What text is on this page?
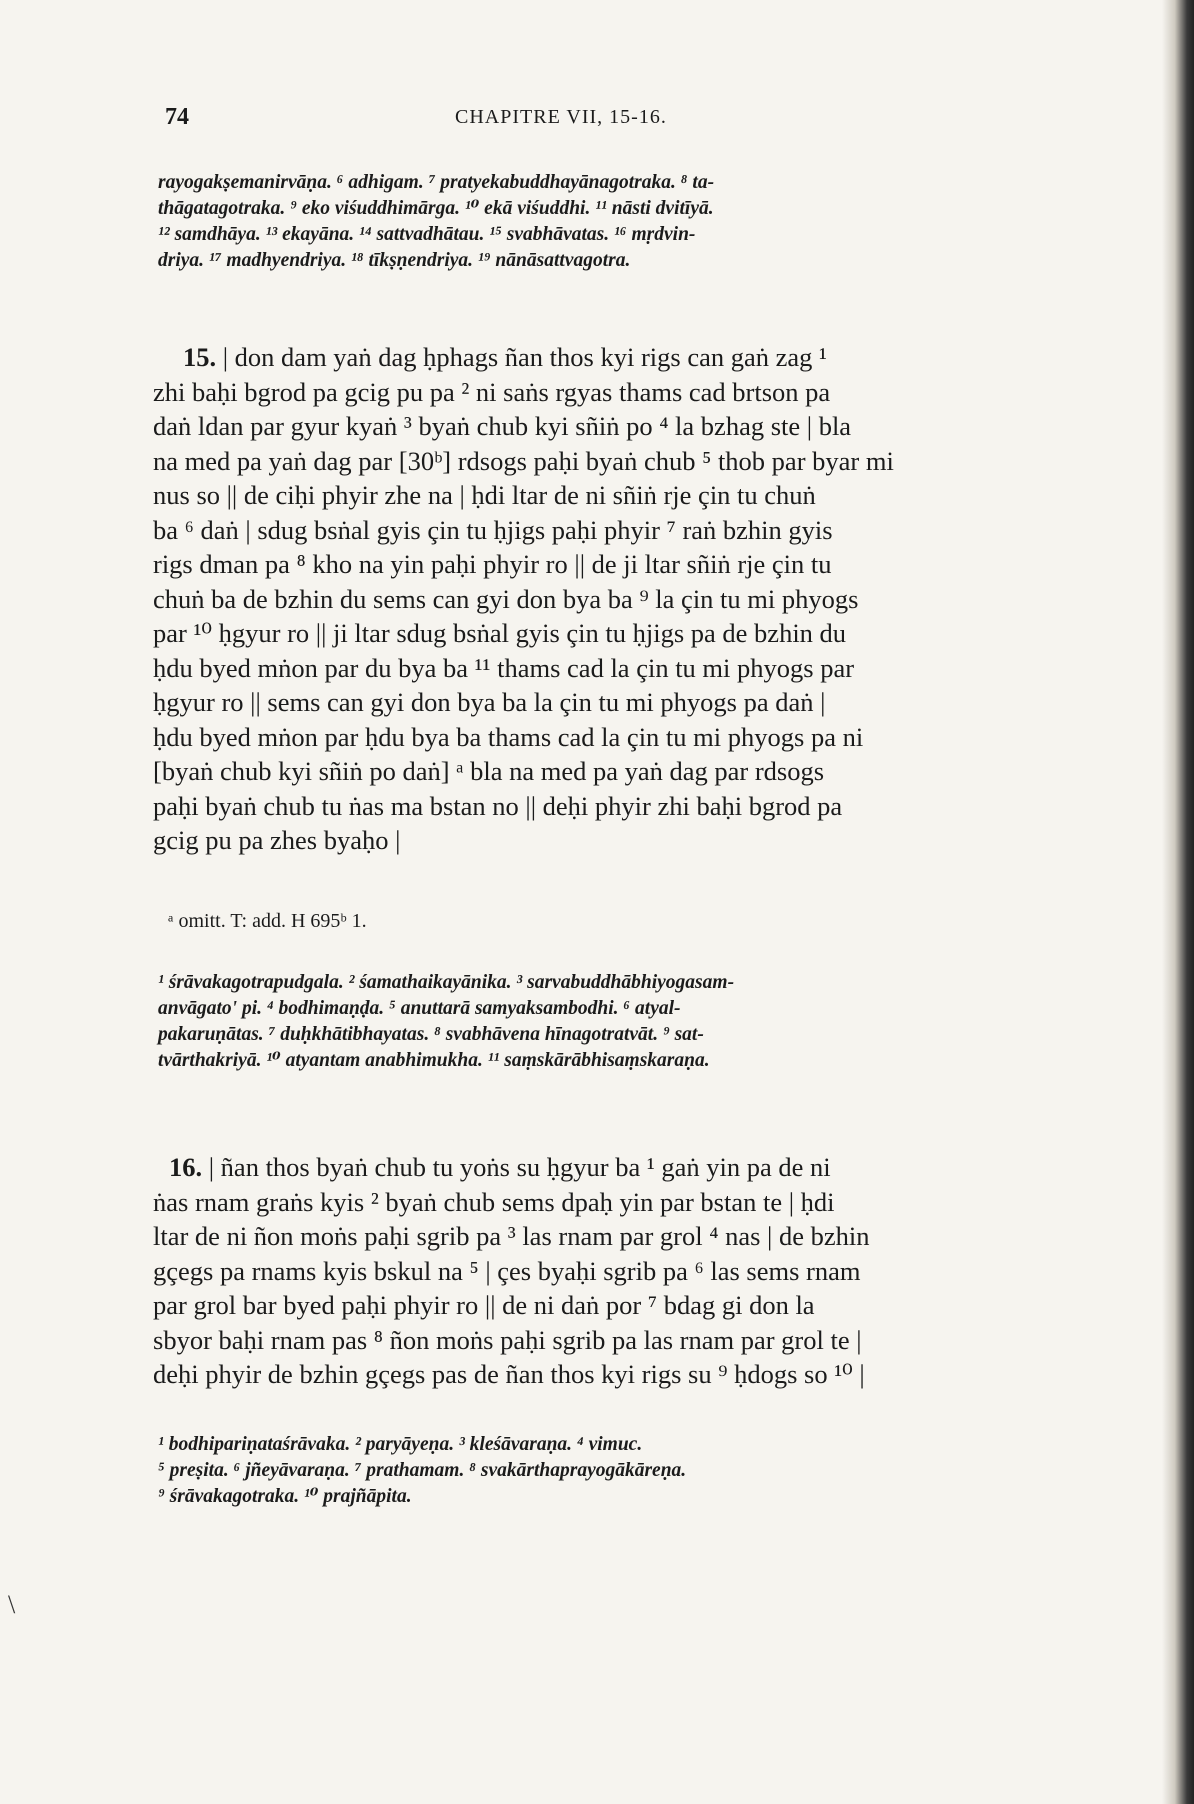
74	CHAPITRE VII, 15-16.
rayogakṣemanirvāṇa. ⁶ adhigam. ⁷ pratyekabuddhayānagotraka. ⁸ ta-
thāgatagotraka. ⁹ eko viśuddhimārga. ¹⁰ ekā viśuddhi. ¹¹ nāsti dvitīyā.
¹² samdhāya. ¹³ ekayāna. ¹⁴ sattvadhātau. ¹⁵ svabhāvatas. ¹⁶ mṛdvin-
driya. ¹⁷ madhyendriya. ¹⁸ tīkṣṇendriya. ¹⁹ nānāsattvagotra.
15. | don dam yaṅ dag ḥphags ñan thos kyi rigs can gaṅ zag ¹
zhi baḥi bgrod pa gcig pu pa ² ni saṅs rgyas thams cad brtson pa
daṅ ldan par gyur kyaṅ ³ byaṅ chub kyi sñiṅ po ⁴ la bzhag ste | bla
na med pa yaṅ dag par [30ᵇ] rdsogs paḥi byaṅ chub ⁵ thob par byar mi
nus so || de ciḥi phyir zhe na | ḥdi ltar de ni sñiṅ rje çin tu chuṅ
ba ⁶ daṅ | sdug bsṅal gyis çin tu ḥjigs paḥi phyir ⁷ raṅ bzhin gyis
rigs dman pa ⁸ kho na yin paḥi phyir ro || de ji ltar sñiṅ rje çin tu
chuṅ ba de bzhin du sems can gyi don bya ba ⁹ la çin tu mi phyogs
par ¹⁰ ḥgyur ro || ji ltar sdug bsṅal gyis çin tu ḥjigs pa de bzhin du
ḥdu byed mṅon par du bya ba ¹¹ thams cad la çin tu mi phyogs par
ḥgyur ro || sems can gyi don bya ba la çin tu mi phyogs pa daṅ |
ḥdu byed mṅon par ḥdu bya ba thams cad la çin tu mi phyogs pa ni
[byaṅ chub kyi sñiṅ po daṅ] ᵃ bla na med pa yaṅ dag par rdsogs
paḥi byaṅ chub tu ṅas ma bstan no || deḥi phyir zhi baḥi bgrod pa
gcig pu pa zhes byaḥo |
ᵃ omitt. T: add. H 695ᵇ 1.
¹ śrāvakagotrapudgala. ² śamathaikayānika. ³ sarvabuddhābhiyogasam-
anvāgato' pi. ⁴ bodhimaṇḍa. ⁵ anuttarā samyaksambodhi. ⁶ atyal-
pakaruṇātas. ⁷ duḥkhātibhayatas. ⁸ svabhāvena hīnagotratvāt. ⁹ sat-
tvārthakriyā. ¹⁰ atyantam anabhimukha. ¹¹ saṃskārābhisaṃskaraṇa.
16. | ñan thos byaṅ chub tu yoṅs su ḥgyur ba ¹ gaṅ yin pa de ni
ṅas rnam graṅs kyis ² byaṅ chub sems dpaḥ yin par bstan te | ḥdi
ltar de ni ñon moṅs paḥi sgrib pa ³ las rnam par grol ⁴ nas | de bzhin
gçegs pa rnams kyis bskul na ⁵ | çes byaḥi sgrib pa ⁶ las sems rnam
par grol bar byed paḥi phyir ro || de ni daṅ por ⁷ bdag gi don la
sbyor baḥi rnam pas ⁸ ñon moṅs paḥi sgrib pa las rnam par grol te |
deḥi phyir de bzhin gçegs pas de ñan thos kyi rigs su ⁹ ḥdogs so ¹⁰ |
¹ bodhipariṇataśrāvaka. ² paryāyeṇa. ³ kleśāvaraṇa. ⁴ vimuc.
⁵ preṣita. ⁶ jñeyāvaraṇa. ⁷ prathamam. ⁸ svakārthaprayogākāreṇa.
⁹ śrāvakagotraka. ¹⁰ prajñāpita.
\
